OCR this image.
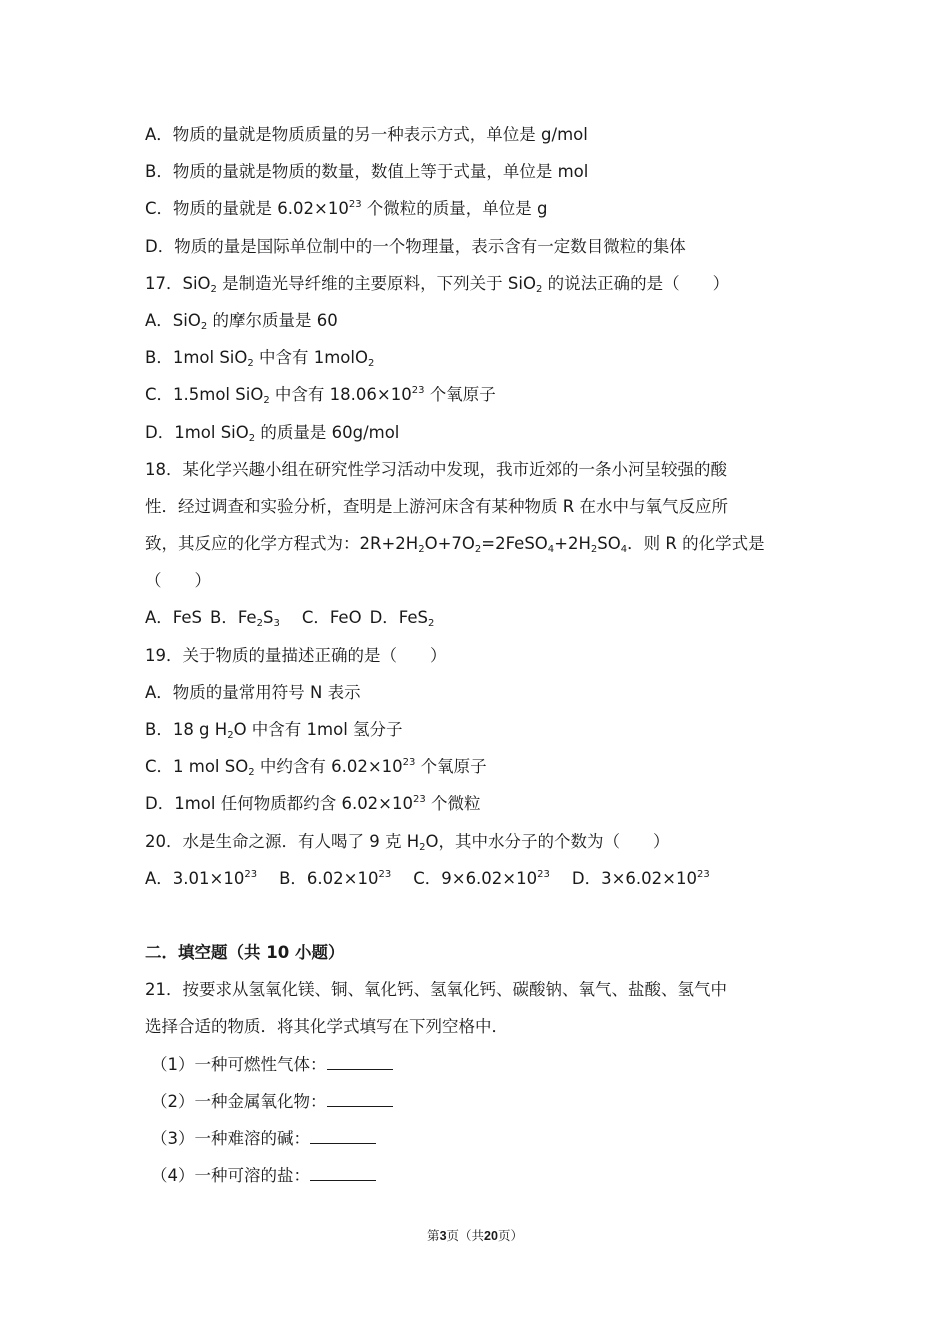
A．物质的量就是物质质量的另一种表示方式，单位是 g/mol
B．物质的量就是物质的数量，数值上等于式量，单位是 mol
C．物质的量就是 $6.02\times 10^{23}$ 个微粒的质量，单位是 g
D．物质的量是国际单位制中的一个物理量，表示含有一定数目微粒的集体
17．SiO$_2$ 是制造光导纤维的主要原料，下列关于 SiO$_2$ 的说法正确的是（　　）
A．SiO$_2$ 的摩尔质量是 60
B．1mol SiO$_2$ 中含有 1molO$_2$
C．1.5mol SiO$_2$ 中含有 $18.06\times 10^{23}$ 个氧原子
D．1mol SiO$_2$ 的质量是 60g/mol
18．某化学兴趣小组在研究性学习活动中发现，我市近郊的一条小河呈较强的酸
性．经过调查和实验分析，查明是上游河床含有某种物质 R 在水中与氧气反应所
致，其反应的化学方程式为：$2R+2H_2O+7O_2=2FeSO_4+2H_2SO_4$．则 R 的化学式是
（　　）
A．FeS B．$Fe_2S_3$ C．FeO D．FeS$_2$
19．关于物质的量描述正确的是（　　）
A．物质的量常用符号 N 表示
B．18 g $H_2O$ 中含有 1mol 氢分子
C．1 mol $SO_2$ 中约含有 $6.02\times 10^{23}$ 个氧原子
D．1mol 任何物质都约含 $6.02\times 10^{23}$ 个微粒
20．水是生命之源．有人喝了 9 克 $H_2O$，其中水分子的个数为（　　）
A．$3.01\times 10^{23}$ B．$6.02\times 10^{23}$ C．$9\times 6.02\times 10^{23}$ D．$3\times 6.02\times 10^{23}$
二．填空题（共 10 小题）
21．按要求从氢氧化镁、铜、氧化钙、氢氧化钙、碳酸钠、氧气、盐酸、氢气中
选择合适的物质．将其化学式填写在下列空格中．
（1）一种可燃性气体：
（2）一种金属氧化物：
（3）一种难溶的碱：
（4）一种可溶的盐：
第3页（共20页）
